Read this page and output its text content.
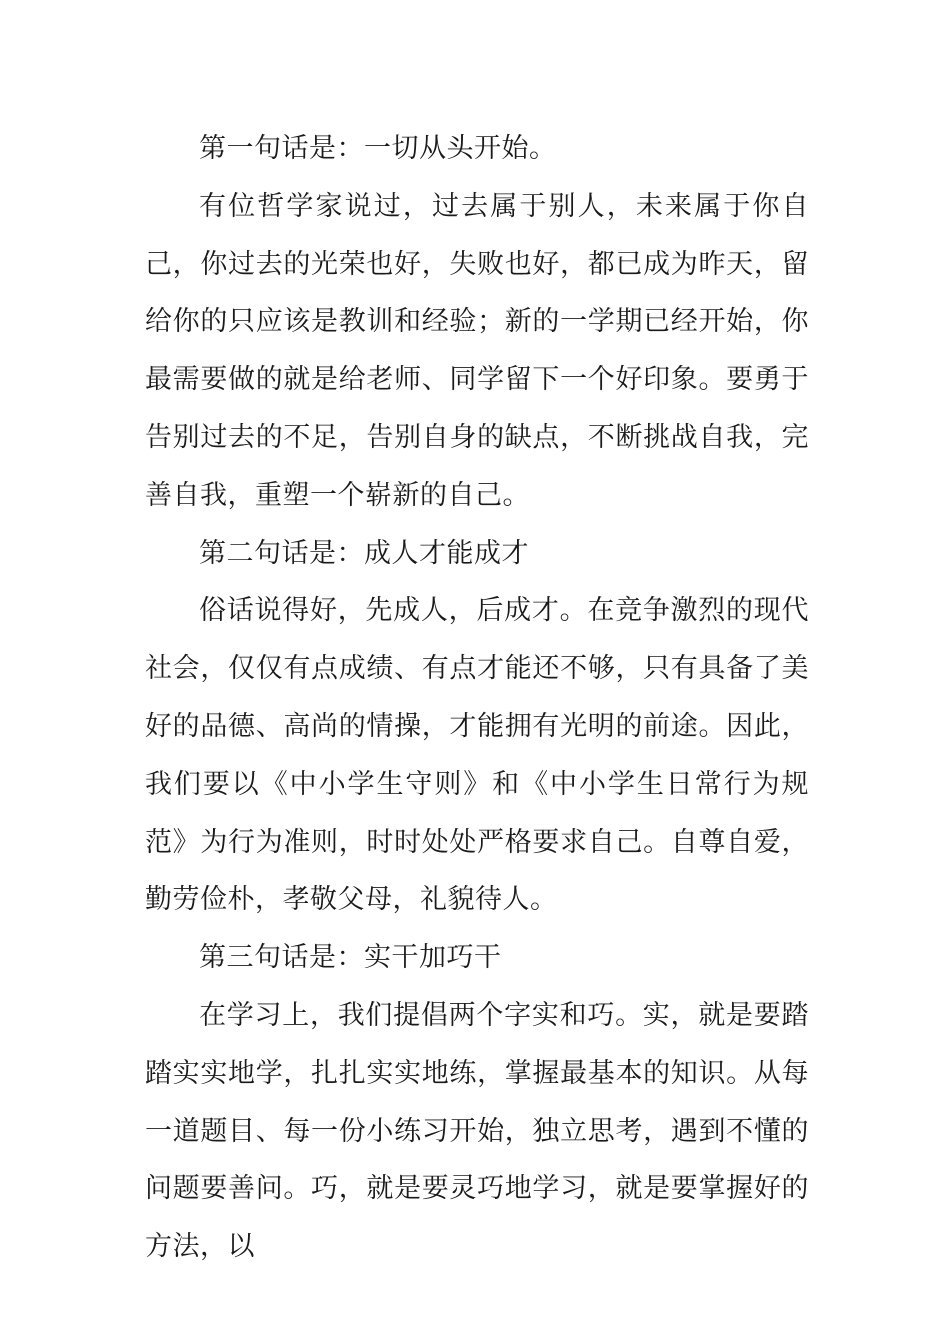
第一句话是：一切从头开始。

有位哲学家说过，过去属于别人，未来属于你自己，你过去的光荣也好，失败也好，都已成为昨天，留给你的只应该是教训和经验；新的一学期已经开始，你最需要做的就是给老师、同学留下一个好印象。要勇于告别过去的不足，告别自身的缺点，不断挑战自我，完善自我，重塑一个崭新的自己。

第二句话是：成人才能成才

俗话说得好，先成人，后成才。在竞争激烈的现代社会，仅仅有点成绩、有点才能还不够，只有具备了美好的品德、高尚的情操，才能拥有光明的前途。因此，我们要以《中小学生守则》和《中小学生日常行为规范》为行为准则，时时处处严格要求自己。自尊自爱，勤劳俭朴，孝敬父母，礼貌待人。

第三句话是：实干加巧干

在学习上，我们提倡两个字实和巧。实，就是要踏踏实实地学，扎扎实实地练，掌握最基本的知识。从每一道题目、每一份小练习开始，独立思考，遇到不懂的问题要善问。巧，就是要灵巧地学习，就是要掌握好的方法，以
